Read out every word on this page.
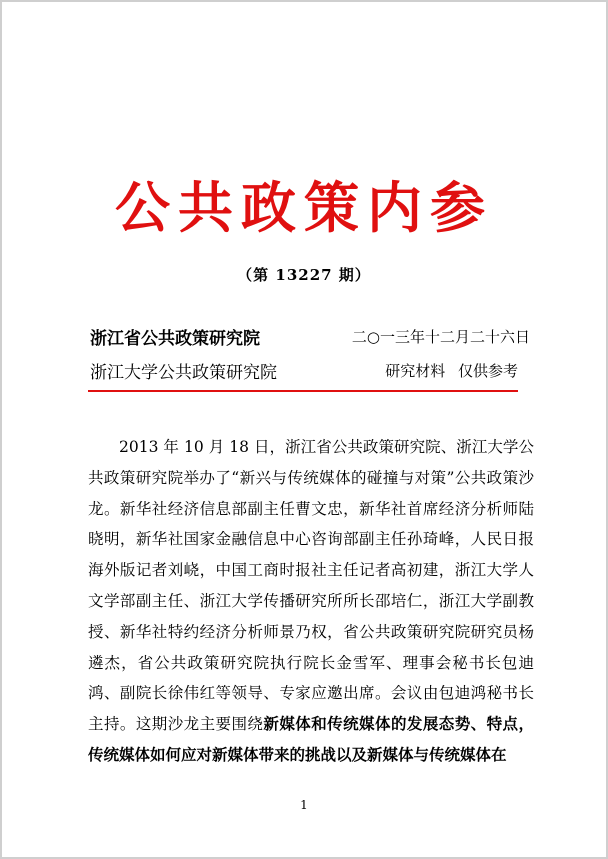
公共政策内参
（第 13227 期）
浙江省公共政策研究院	二○一三年十二月二十六日
浙江大学公共政策研究院	研究材料 仅供参考

2013 年 10 月 18 日，浙江省公共政策研究院、浙江大学公共政策研究院举办了“新兴与传统媒体的碰撞与对策”公共政策沙龙。新华社经济信息部副主任曹文忠，新华社首席经济分析师陆晓明，新华社国家金融信息中心咨询部副主任孙琦峰，人民日报海外版记者刘峣，中国工商时报社主任记者高初建，浙江大学人文学部副主任、浙江大学传播研究所所长邵培仁，浙江大学副教授、新华社特约经济分析师景乃权，省公共政策研究院研究员杨遴杰，省公共政策研究院执行院长金雪军、理事会秘书长包迪鸿、副院长徐伟红等领导、专家应邀出席。会议由包迪鸿秘书长主持。这期沙龙主要围绕新媒体和传统媒体的发展态势、特点，传统媒体如何应对新媒体带来的挑战以及新媒体与传统媒体在

1
